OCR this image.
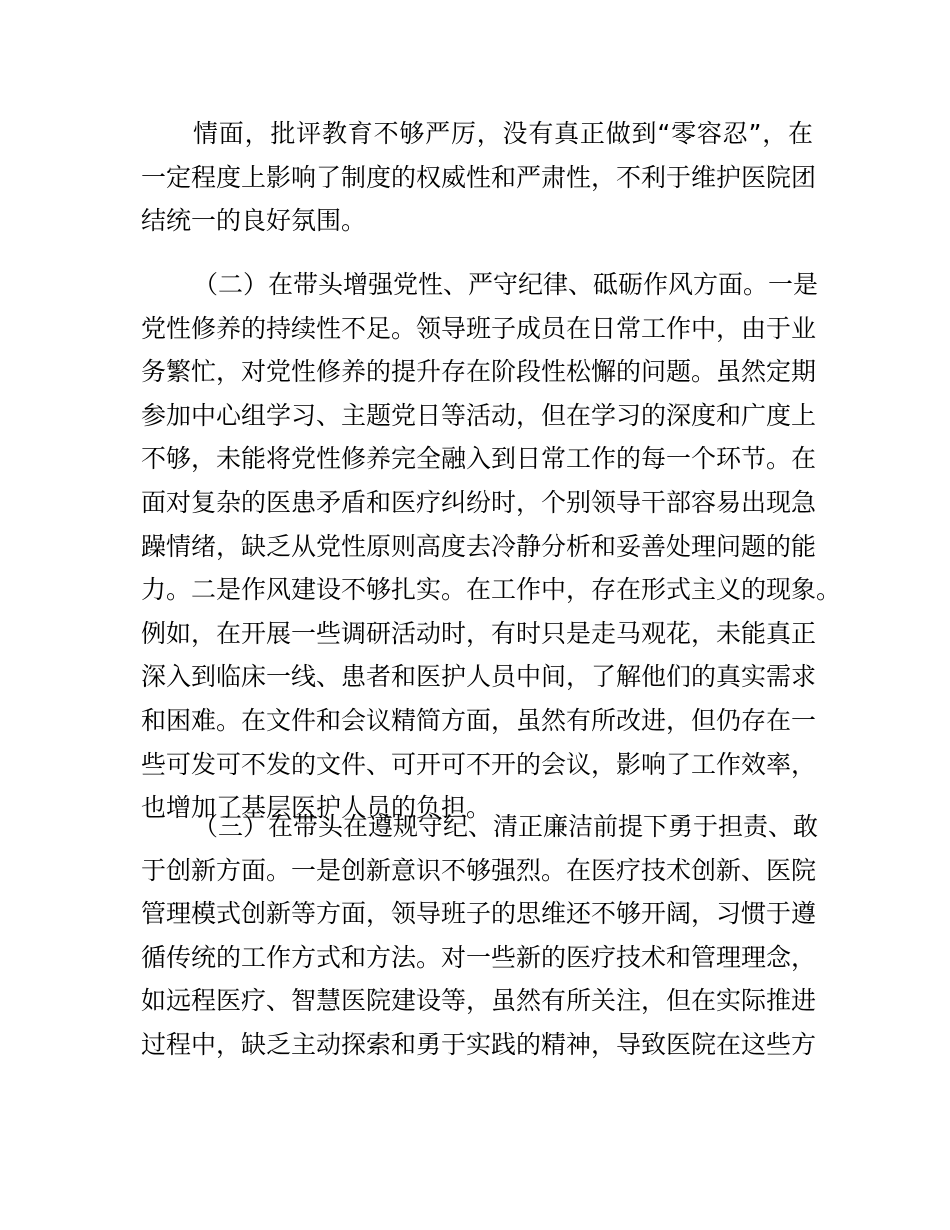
情面，批评教育不够严厉，没有真正做到“零容忍”，在
一定程度上影响了制度的权威性和严肃性，不利于维护医院团
结统一的良好氛围。
（二）在带头增强党性、严守纪律、砥砺作风方面。一是
党性修养的持续性不足。领导班子成员在日常工作中，由于业
务繁忙，对党性修养的提升存在阶段性松懈的问题。虽然定期
参加中心组学习、主题党日等活动，但在学习的深度和广度上
不够，未能将党性修养完全融入到日常工作的每一个环节。在
面对复杂的医患矛盾和医疗纠纷时，个别领导干部容易出现急
躁情绪，缺乏从党性原则高度去冷静分析和妥善处理问题的能
力。二是作风建设不够扎实。在工作中，存在形式主义的现象。
例如，在开展一些调研活动时，有时只是走马观花，未能真正
深入到临床一线、患者和医护人员中间，了解他们的真实需求
和困难。在文件和会议精简方面，虽然有所改进，但仍存在一
些可发可不发的文件、可开可不开的会议，影响了工作效率，
也增加了基层医护人员的负担。
（三）在带头在遵规守纪、清正廉洁前提下勇于担责、敢
于创新方面。一是创新意识不够强烈。在医疗技术创新、医院
管理模式创新等方面，领导班子的思维还不够开阔，习惯于遵
循传统的工作方式和方法。对一些新的医疗技术和管理理念，
如远程医疗、智慧医院建设等，虽然有所关注，但在实际推进
过程中，缺乏主动探索和勇于实践的精神，导致医院在这些方
